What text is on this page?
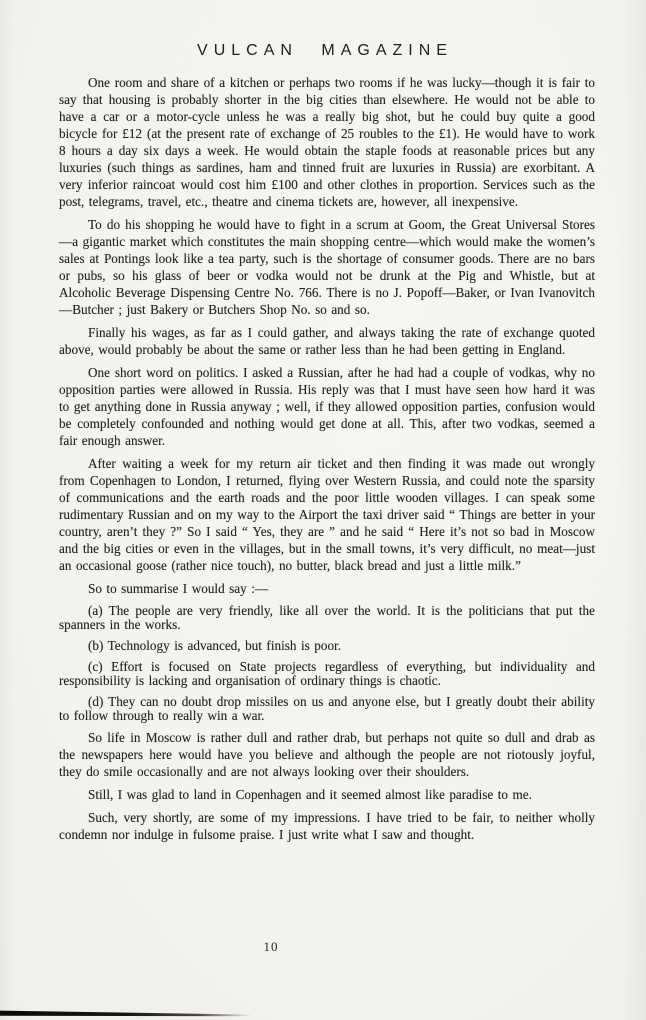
VULCAN MAGAZINE

One room and share of a kitchen or perhaps two rooms if he was lucky—though it is fair to say that housing is probably shorter in the big cities than elsewhere. He would not be able to have a car or a motor-cycle unless he was a really big shot, but he could buy quite a good bicycle for £12 (at the present rate of exchange of 25 roubles to the £1). He would have to work 8 hours a day six days a week. He would obtain the staple foods at reasonable prices but any luxuries (such things as sardines, ham and tinned fruit are luxuries in Russia) are exorbitant. A very inferior raincoat would cost him £100 and other clothes in proportion. Services such as the post, telegrams, travel, etc., theatre and cinema tickets are, however, all inexpensive.

To do his shopping he would have to fight in a scrum at Goom, the Great Universal Stores—a gigantic market which constitutes the main shopping centre—which would make the women’s sales at Pontings look like a tea party, such is the shortage of consumer goods. There are no bars or pubs, so his glass of beer or vodka would not be drunk at the Pig and Whistle, but at Alcoholic Beverage Dispensing Centre No. 766. There is no J. Popoff—Baker, or Ivan Ivanovitch—Butcher ; just Bakery or Butchers Shop No. so and so.

Finally his wages, as far as I could gather, and always taking the rate of exchange quoted above, would probably be about the same or rather less than he had been getting in England.

One short word on politics. I asked a Russian, after he had had a couple of vodkas, why no opposition parties were allowed in Russia. His reply was that I must have seen how hard it was to get anything done in Russia anyway ; well, if they allowed opposition parties, confusion would be completely confounded and nothing would get done at all. This, after two vodkas, seemed a fair enough answer.

After waiting a week for my return air ticket and then finding it was made out wrongly from Copenhagen to London, I returned, flying over Western Russia, and could note the sparsity of communications and the earth roads and the poor little wooden villages. I can speak some rudimentary Russian and on my way to the Airport the taxi driver said “ Things are better in your country, aren’t they ?” So I said “ Yes, they are ” and he said “ Here it’s not so bad in Moscow and the big cities or even in the villages, but in the small towns, it’s very difficult, no meat—just an occasional goose (rather nice touch), no butter, black bread and just a little milk.”

So to summarise I would say :—

(a) The people are very friendly, like all over the world. It is the politicians that put the spanners in the works.

(b) Technology is advanced, but finish is poor.

(c) Effort is focused on State projects regardless of everything, but individuality and responsibility is lacking and organisation of ordinary things is chaotic.

(d) They can no doubt drop missiles on us and anyone else, but I greatly doubt their ability to follow through to really win a war.

So life in Moscow is rather dull and rather drab, but perhaps not quite so dull and drab as the newspapers here would have you believe and although the people are not riotously joyful, they do smile occasionally and are not always looking over their shoulders.

Still, I was glad to land in Copenhagen and it seemed almost like paradise to me.

Such, very shortly, are some of my impressions. I have tried to be fair, to neither wholly condemn nor indulge in fulsome praise. I just write what I saw and thought.

10
